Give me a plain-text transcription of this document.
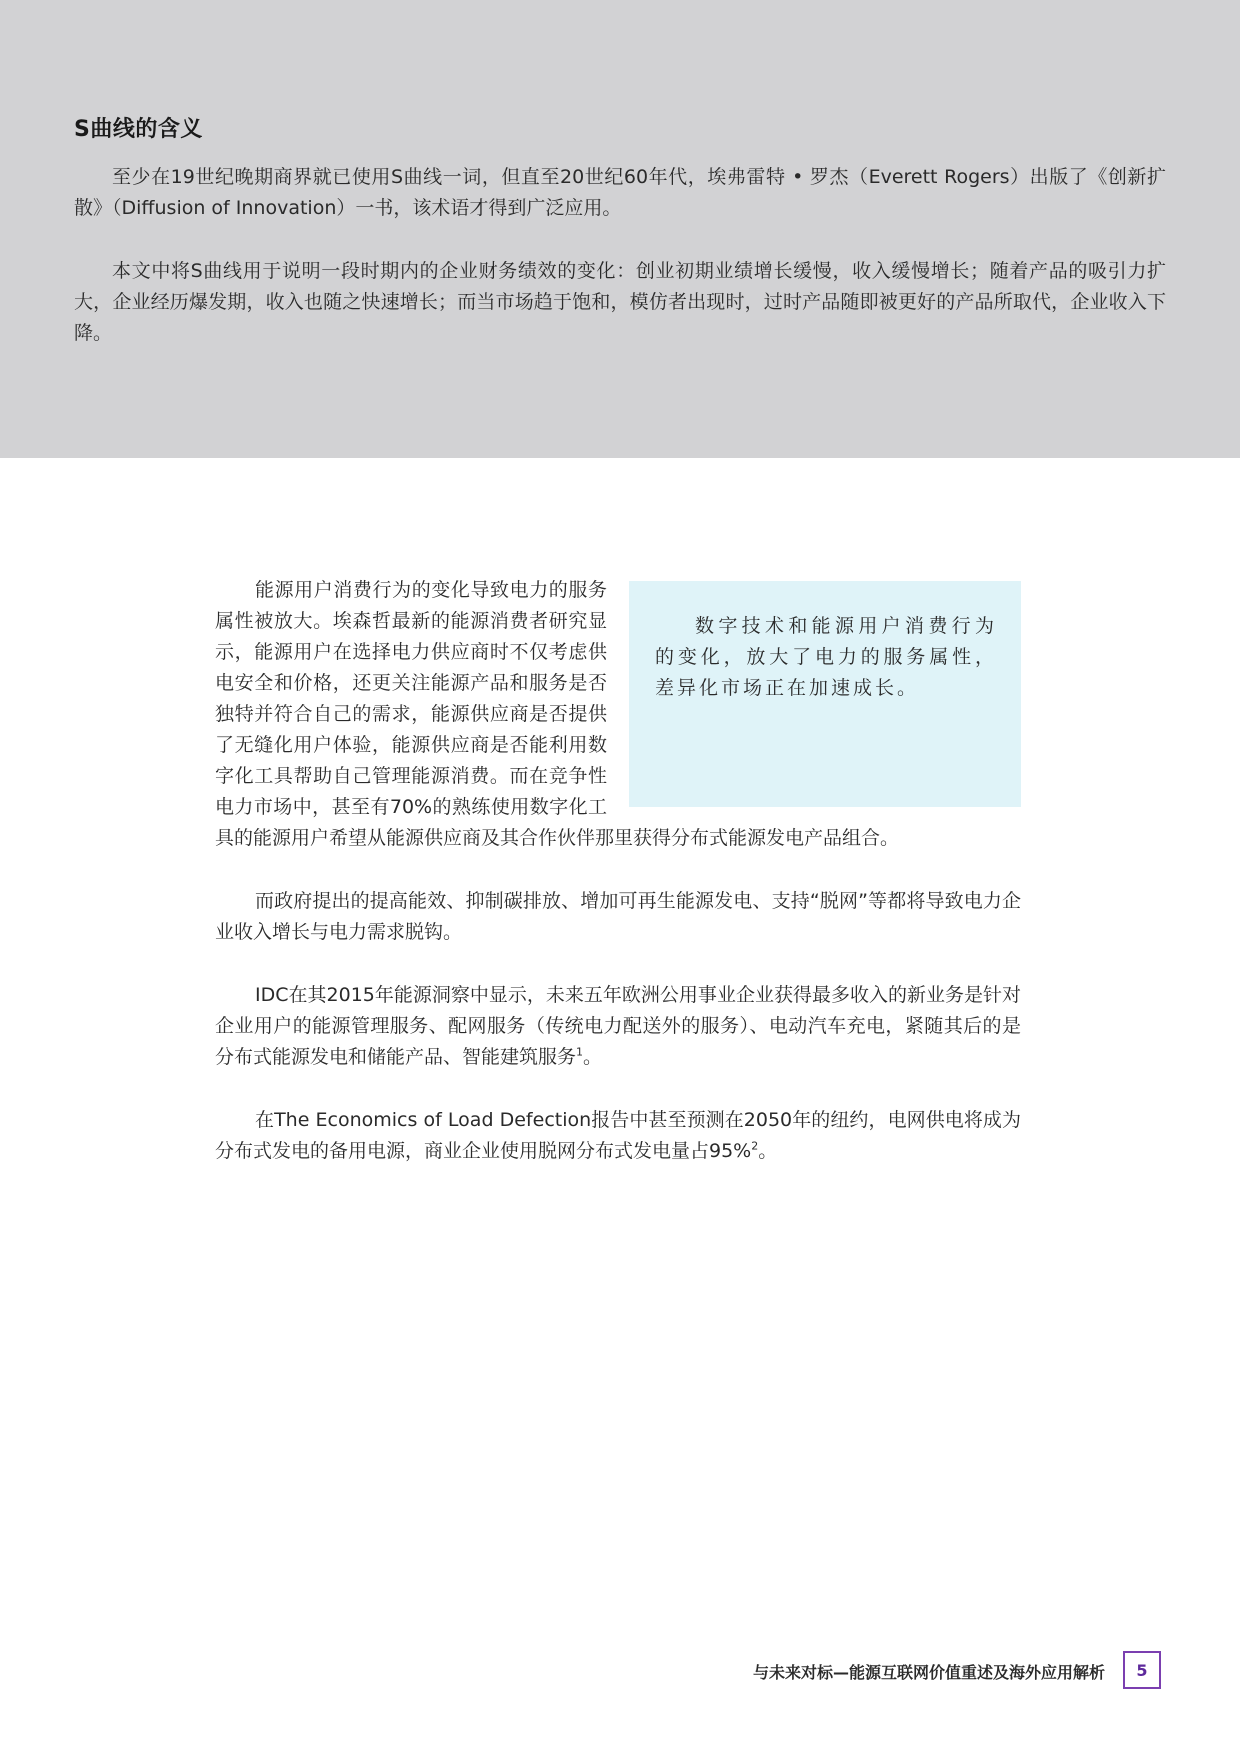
S曲线的含义

至少在19世纪晚期商界就已使用S曲线一词，但直至20世纪60年代，埃弗雷特 • 罗杰（Everett Rogers）出版了《创新扩散》（Diffusion of Innovation）一书，该术语才得到广泛应用。

本文中将S曲线用于说明一段时期内的企业财务绩效的变化：创业初期业绩增长缓慢，收入缓慢增长；随着产品的吸引力扩大，企业经历爆发期，收入也随之快速增长；而当市场趋于饱和，模仿者出现时，过时产品随即被更好的产品所取代，企业收入下降。

数字技术和能源用户消费行为的变化，放大了电力的服务属性，差异化市场正在加速成长。

能源用户消费行为的变化导致电力的服务属性被放大。埃森哲最新的能源消费者研究显示，能源用户在选择电力供应商时不仅考虑供电安全和价格，还更关注能源产品和服务是否独特并符合自己的需求，能源供应商是否提供了无缝化用户体验，能源供应商是否能利用数字化工具帮助自己管理能源消费。而在竞争性电力市场中，甚至有70%的熟练使用数字化工具的能源用户希望从能源供应商及其合作伙伴那里获得分布式能源发电产品组合。

而政府提出的提高能效、抑制碳排放、增加可再生能源发电、支持“脱网”等都将导致电力企业收入增长与电力需求脱钩。

IDC在其2015年能源洞察中显示，未来五年欧洲公用事业企业获得最多收入的新业务是针对企业用户的能源管理服务、配网服务（传统电力配送外的服务）、电动汽车充电，紧随其后的是分布式能源发电和储能产品、智能建筑服务$^1$。

在The Economics of Load Defection报告中甚至预测在2050年的纽约，电网供电将成为分布式发电的备用电源，商业企业使用脱网分布式发电量占95%$^2$。

与未来对标—能源互联网价值重述及海外应用解析 5
